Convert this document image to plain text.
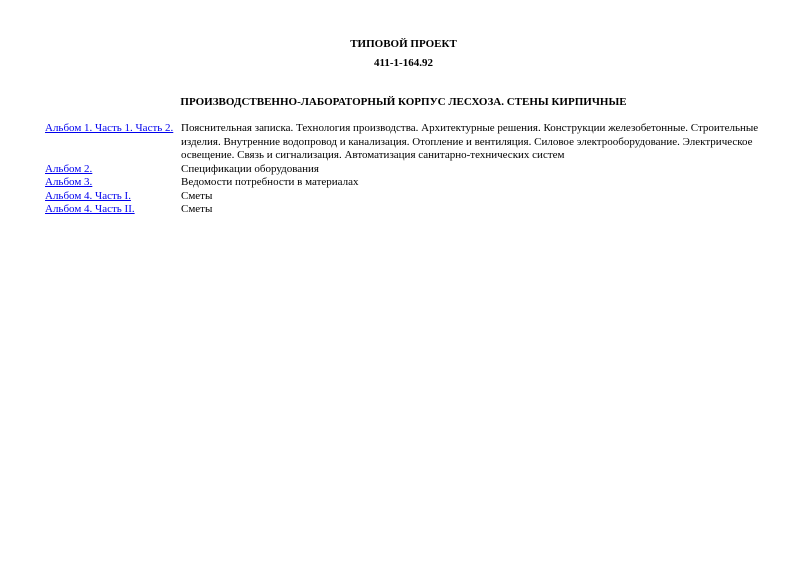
ТИПОВОЙ ПРОЕКТ
411-1-164.92
ПРОИЗВОДСТВЕННО-ЛАБОРАТОРНЫЙ КОРПУС ЛЕСХОЗА. СТЕНЫ КИРПИЧНЫЕ
Альбом 1. Часть 1. Часть 2.	Пояснительная записка. Технология производства. Архитектурные решения. Конструкции железобетонные. Строительные изделия. Внутренние водопровод и канализация. Отопление и вентиляция. Силовое электрооборудование. Электрическое освещение. Связь и сигнализация. Автоматизация санитарно-технических систем
Альбом 2.	Спецификации оборудования
Альбом 3.	Ведомости потребности в материалах
Альбом 4. Часть I.	Сметы
Альбом 4. Часть II.	Сметы
